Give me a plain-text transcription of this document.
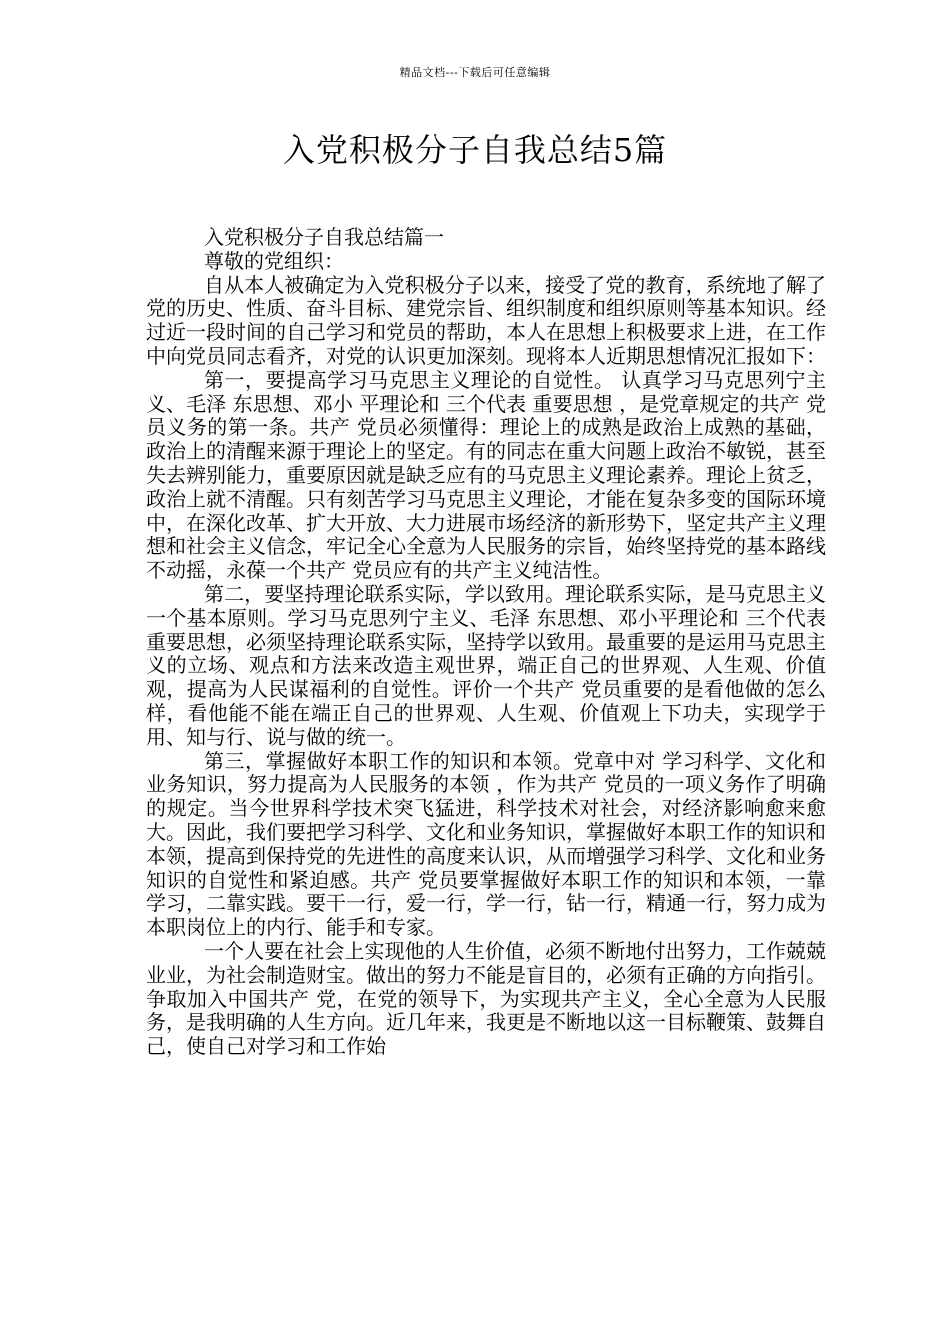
精品文档---下载后可任意编辑
入党积极分子自我总结5篇

入党积极分子自我总结篇一

尊敬的党组织：

自从本人被确定为入党积极分子以来，接受了党的教育，系统地了解了党的历史、性质、奋斗目标、建党宗旨、组织制度和组织原则等基本知识。经过近一段时间的自己学习和党员的帮助，本人在思想上积极要求上进，在工作中向党员同志看齐，对党的认识更加深刻。现将本人近期思想情况汇报如下：

第一，要提高学习马克思主义理论的自觉性。 认真学习马克思列宁主义、毛泽 东思想、邓小 平理论和 三个代表 重要思想 ，是党章规定的共产 党员义务的第一条。共产 党员必须懂得：理论上的成熟是政治上成熟的基础，政治上的清醒来源于理论上的坚定。有的同志在重大问题上政治不敏锐，甚至失去辨别能力，重要原因就是缺乏应有的马克思主义理论素养。理论上贫乏，政治上就不清醒。只有刻苦学习马克思主义理论，才能在复杂多变的国际环境中，在深化改革、扩大开放、大力进展市场经济的新形势下，坚定共产主义理想和社会主义信念，牢记全心全意为人民服务的宗旨，始终坚持党的基本路线不动摇，永葆一个共产 党员应有的共产主义纯洁性。

第二，要坚持理论联系实际，学以致用。理论联系实际，是马克思主义一个基本原则。学习马克思列宁主义、毛泽 东思想、邓小平理论和 三个代表 重要思想，必须坚持理论联系实际，坚持学以致用。最重要的是运用马克思主义的立场、观点和方法来改造主观世界，端正自己的世界观、人生观、价值观，提高为人民谋福利的自觉性。评价一个共产 党员重要的是看他做的怎么样，看他能不能在端正自己的世界观、人生观、价值观上下功夫，实现学于用、知与行、说与做的统一。

第三，掌握做好本职工作的知识和本领。党章中对 学习科学、文化和业务知识，努力提高为人民服务的本领 ，作为共产 党员的一项义务作了明确的规定。当今世界科学技术突飞猛进，科学技术对社会，对经济影响愈来愈大。因此，我们要把学习科学、文化和业务知识，掌握做好本职工作的知识和本领，提高到保持党的先进性的高度来认识，从而增强学习科学、文化和业务知识的自觉性和紧迫感。共产 党员要掌握做好本职工作的知识和本领，一靠学习，二靠实践。要干一行，爱一行，学一行，钻一行，精通一行，努力成为本职岗位上的内行、能手和专家。

一个人要在社会上实现他的人生价值，必须不断地付出努力，工作兢兢业业，为社会制造财宝。做出的努力不能是盲目的，必须有正确的方向指引。争取加入中国共产 党，在党的领导下，为实现共产主义，全心全意为人民服务，是我明确的人生方向。近几年来，我更是不断地以这一目标鞭策、鼓舞自己，使自己对学习和工作始
